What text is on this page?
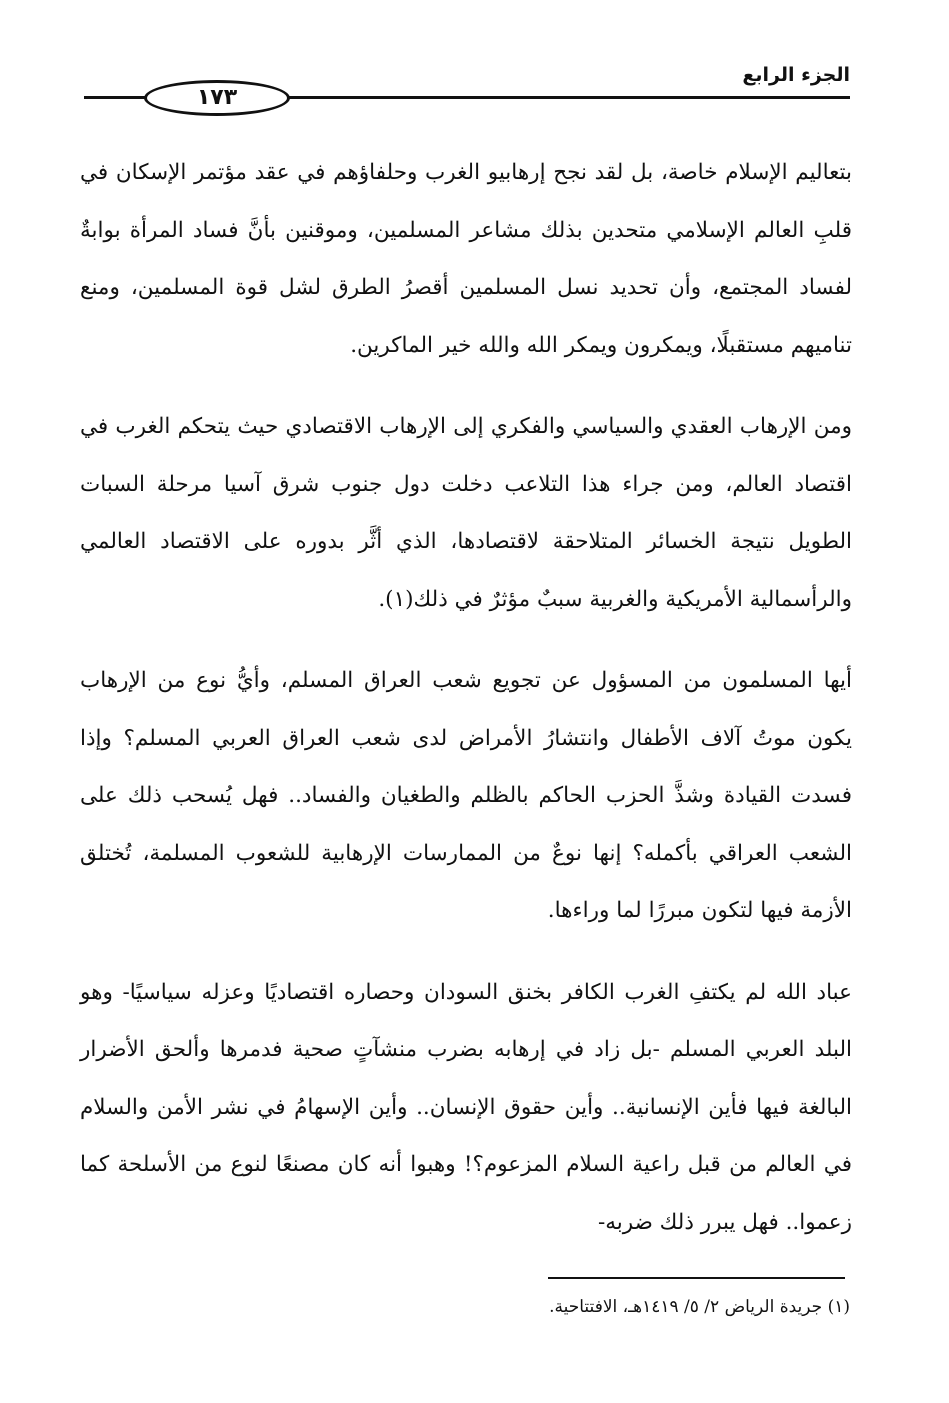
الجزء الرابع
١٧٣

بتعاليم الإسلام خاصة، بل لقد نجح إرهابيو الغرب وحلفاؤهم في عقد مؤتمر الإسكان في قلبِ العالم الإسلامي متحدين بذلك مشاعر المسلمين، وموقنين بأنَّ فساد المرأة بوابةٌ لفساد المجتمع، وأن تحديد نسل المسلمين أقصرُ الطرق لشل قوة المسلمين، ومنع تناميهم مستقبلًا، ويمكرون ويمكر الله والله خير الماكرين.

ومن الإرهاب العقدي والسياسي والفكري إلى الإرهاب الاقتصادي حيث يتحكم الغرب في اقتصاد العالم، ومن جراء هذا التلاعب دخلت دول جنوب شرق آسيا مرحلة السبات الطويل نتيجة الخسائر المتلاحقة لاقتصادها، الذي أثَّر بدوره على الاقتصاد العالمي والرأسمالية الأمريكية والغربية سببٌ مؤثرٌ في ذلك(١).

أيها المسلمون من المسؤول عن تجويع شعب العراق المسلم، وأيُّ نوع من الإرهاب يكون موتُ آلاف الأطفال وانتشارُ الأمراض لدى شعب العراق العربي المسلم؟ وإذا فسدت القيادة وشذَّ الحزب الحاكم بالظلم والطغيان والفساد.. فهل يُسحب ذلك على الشعب العراقي بأكمله؟ إنها نوعٌ من الممارسات الإرهابية للشعوب المسلمة، تُختلق الأزمة فيها لتكون مبررًا لما وراءها.

عباد الله لم يكتفِ الغرب الكافر بخنق السودان وحصاره اقتصاديًا وعزله سياسيًا- وهو البلد العربي المسلم -بل زاد في إرهابه بضرب منشآتٍ صحية فدمرها وألحق الأضرار البالغة فيها فأين الإنسانية.. وأين حقوق الإنسان.. وأين الإسهامُ في نشر الأمن والسلام في العالم من قبل راعية السلام المزعوم؟! وهبوا أنه كان مصنعًا لنوع من الأسلحة كما زعموا.. فهل يبرر ذلك ضربه-

(١) جريدة الرياض ٢/ ٥/ ١٤١٩هـ، الافتتاحية.
